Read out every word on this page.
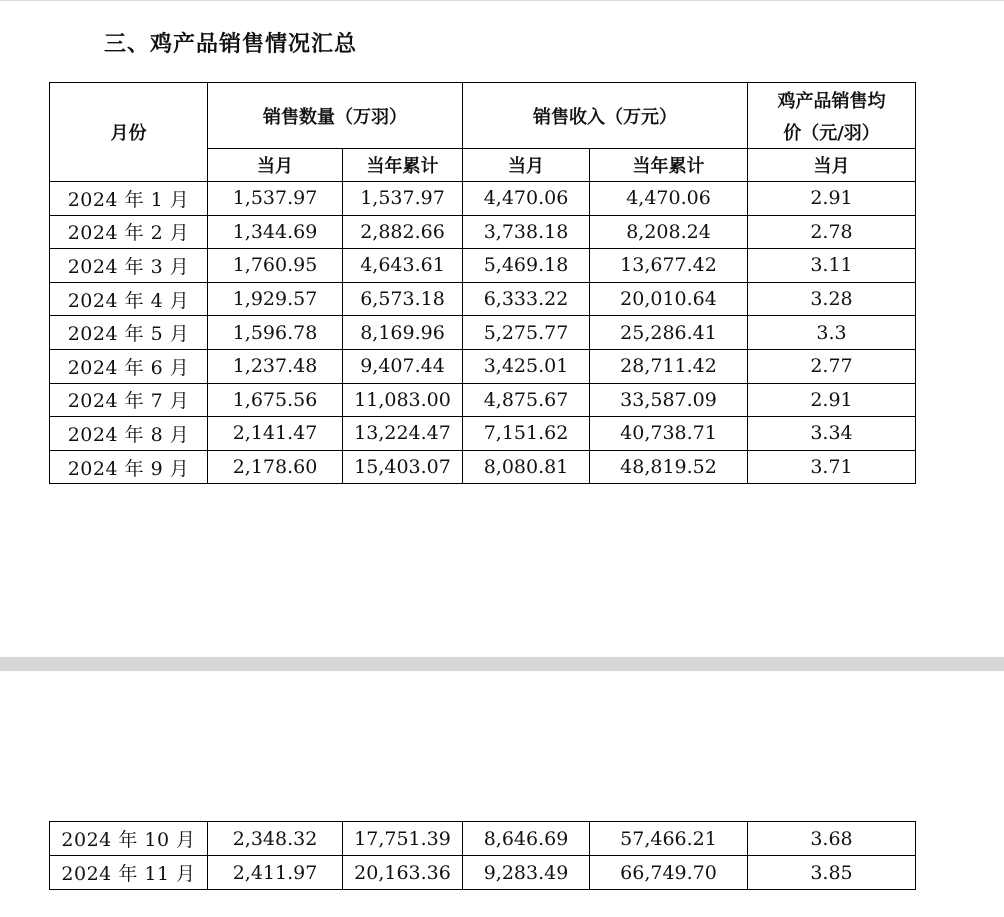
三、鸡产品销售情况汇总
月份	销售数量（万羽）		销售收入（万元）		鸡产品销售均
价（元/羽）

	当月	当年累计	当月	当年累计	当月
2024 年 1 月	1,537.97	1,537.97	4,470.06	4,470.06	2.91
2024 年 2 月	1,344.69	2,882.66	3,738.18	8,208.24	2.78
2024 年 3 月	1,760.95	4,643.61	5,469.18	13,677.42	3.11
2024 年 4 月	1,929.57	6,573.18	6,333.22	20,010.64	3.28
2024 年 5 月	1,596.78	8,169.96	5,275.77	25,286.41	3.3
2024 年 6 月	1,237.48	9,407.44	3,425.01	28,711.42	2.77
2024 年 7 月	1,675.56	11,083.00	4,875.67	33,587.09	2.91
2024 年 8 月	2,141.47	13,224.47	7,151.62	40,738.71	3.34
2024 年 9 月	2,178.60	15,403.07	8,080.81	48,819.52	3.71
2024 年 10 月	2,348.32	17,751.39	8,646.69	57,466.21	3.68
2024 年 11 月	2,411.97	20,163.36	9,283.49	66,749.70	3.85
